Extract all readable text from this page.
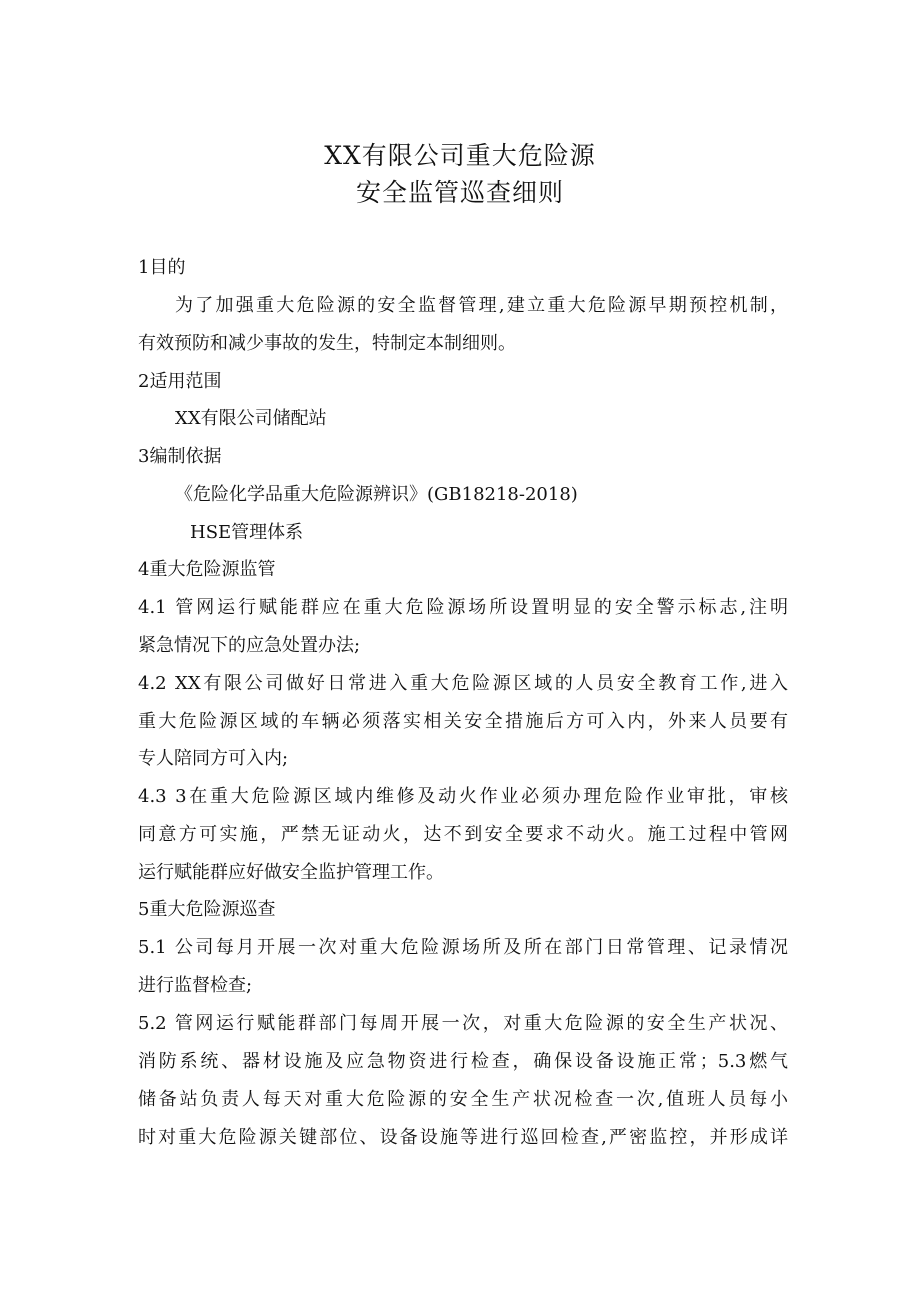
XX有限公司重大危险源
安全监管巡查细则
1目的
为了加强重大危险源的安全监督管理,建立重大危险源早期预控机制，
有效预防和减少事故的发生，特制定本制细则。
2适用范围
XX有限公司储配站
3编制依据
《危险化学品重大危险源辨识》(GB18218-2018)
HSE管理体系
4重大危险源监管
4.1 管网运行赋能群应在重大危险源场所设置明显的安全警示标志,注明
紧急情况下的应急处置办法;
4.2 XX有限公司做好日常进入重大危险源区域的人员安全教育工作,进入
重大危险源区域的车辆必须落实相关安全措施后方可入内，外来人员要有
专人陪同方可入内;
4.3 3在重大危险源区域内维修及动火作业必须办理危险作业审批，审核
同意方可实施，严禁无证动火，达不到安全要求不动火。施工过程中管网
运行赋能群应好做安全监护管理工作。
5重大危险源巡查
5.1 公司每月开展一次对重大危险源场所及所在部门日常管理、记录情况
进行监督检查;
5.2 管网运行赋能群部门每周开展一次，对重大危险源的安全生产状况、
消防系统、器材设施及应急物资进行检查，确保设备设施正常；5.3燃气
储备站负责人每天对重大危险源的安全生产状况检查一次,值班人员每小
时对重大危险源关键部位、设备设施等进行巡回检查,严密监控，并形成详
